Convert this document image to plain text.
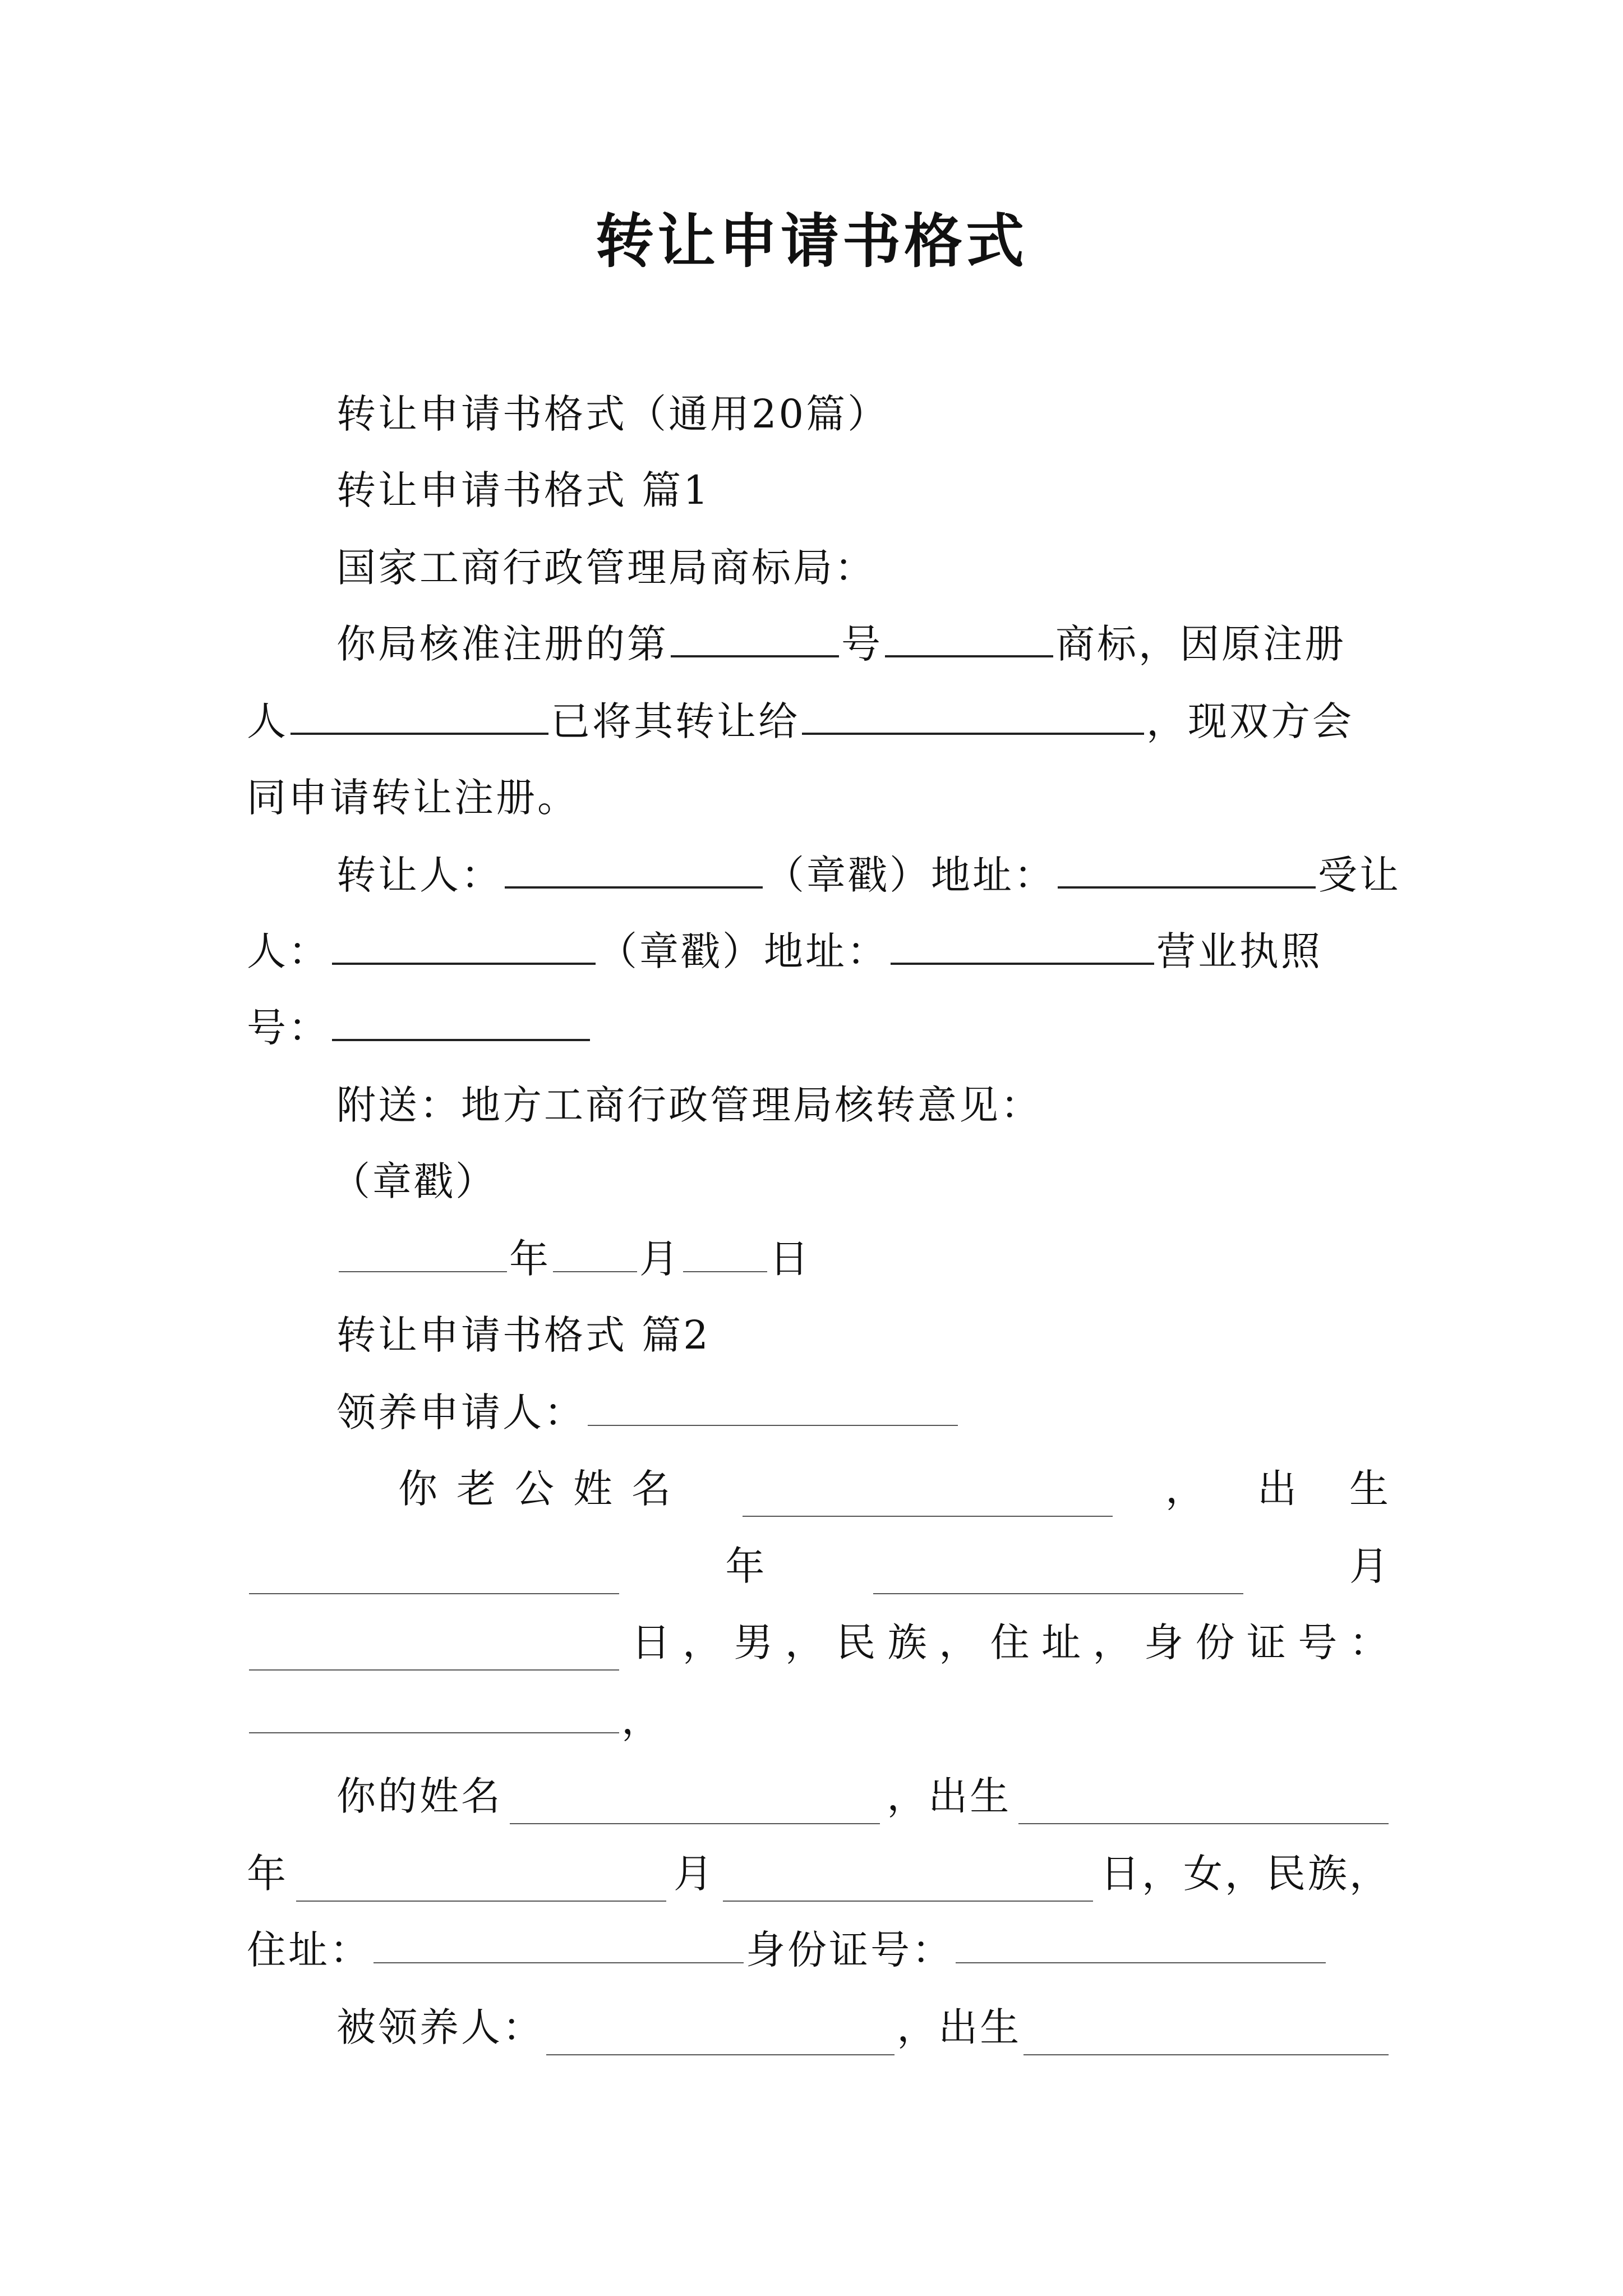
转让申请书格式
转让申请书格式（通用20篇）
转让申请书格式 篇1
国家工商行政管理局商标局：
你局核准注册的第	号	商标，因原注册
人	已将其转让给	，现双方会
同申请转让注册。
转让人：	（章戳）地址：	受让
人：	（章戳）地址：	营业执照
号：
附送：地方工商行政管理局核转意见：
（章戳）
年 月 日
转让申请书格式 篇2
领养申请人：
你老公姓名	， 出 生
年	月
日 ， 男 ， 民 族 ， 住 址 ， 身 份 证 号 ：
，
你的姓名	，出生
年	月	日，女，民族，
住址：	身份证号：
被领养人：	，出生
